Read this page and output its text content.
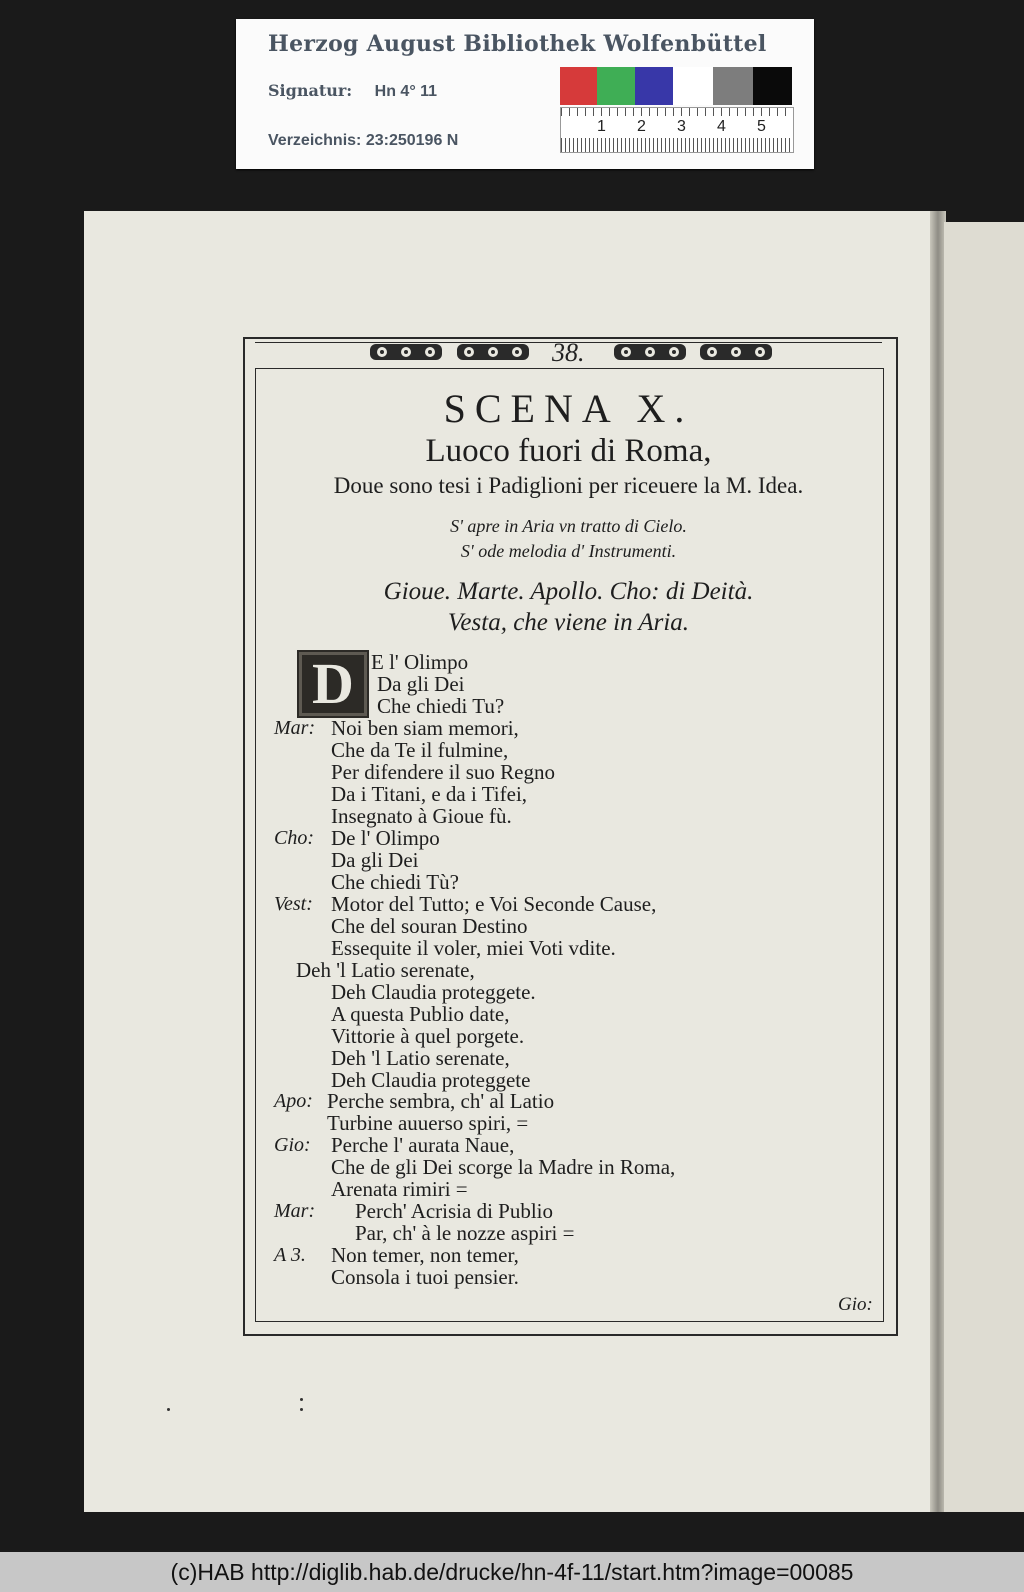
Herzog August Bibliothek Wolfenbüttel
Signatur: Hn 4° 11
Verzeichnis: 23:250196 N
1 2 3 4 5
38.
SCENA X.
Luoco fuori di Roma,
Doue sono tesi i Padiglioni per riceuere la M. Idea.
S' apre in Aria vn tratto di Cielo.
S' ode melodia d' Instrumenti.
Gioue. Marte. Apollo. Cho: di Deità.
Vesta, che viene in Aria.
D
Mar:
Cho:
Vest:
Apo:
Gio:
Mar:
A 3.
E l' Olimpo
Da gli Dei
Che chiedi Tu?
Noi ben siam memori,
Che da Te il fulmine,
Per difendere il suo Regno
Da i Titani, e da i Tifei,
Insegnato à Gioue fù.
De l' Olimpo
Da gli Dei
Che chiedi Tù?
Motor del Tutto; e Voi Seconde Cause,
Che del souran Destino
Essequite il voler, miei Voti vdite.
Deh 'l Latio serenate,
Deh Claudia proteggete.
A questa Publio date,
Vittorie à quel porgete.
Deh 'l Latio serenate,
Deh Claudia proteggete
Perche sembra, ch' al Latio
Turbine auuerso spiri, =
Perche l' aurata Naue,
Che de gli Dei scorge la Madre in Roma,
Arenata rimiri =
Perch' Acrisia di Publio
Par, ch' à le nozze aspiri =
Non temer, non temer,
Consola i tuoi pensier.
Gio:
(c)HAB http://diglib.hab.de/drucke/hn-4f-11/start.htm?image=00085
